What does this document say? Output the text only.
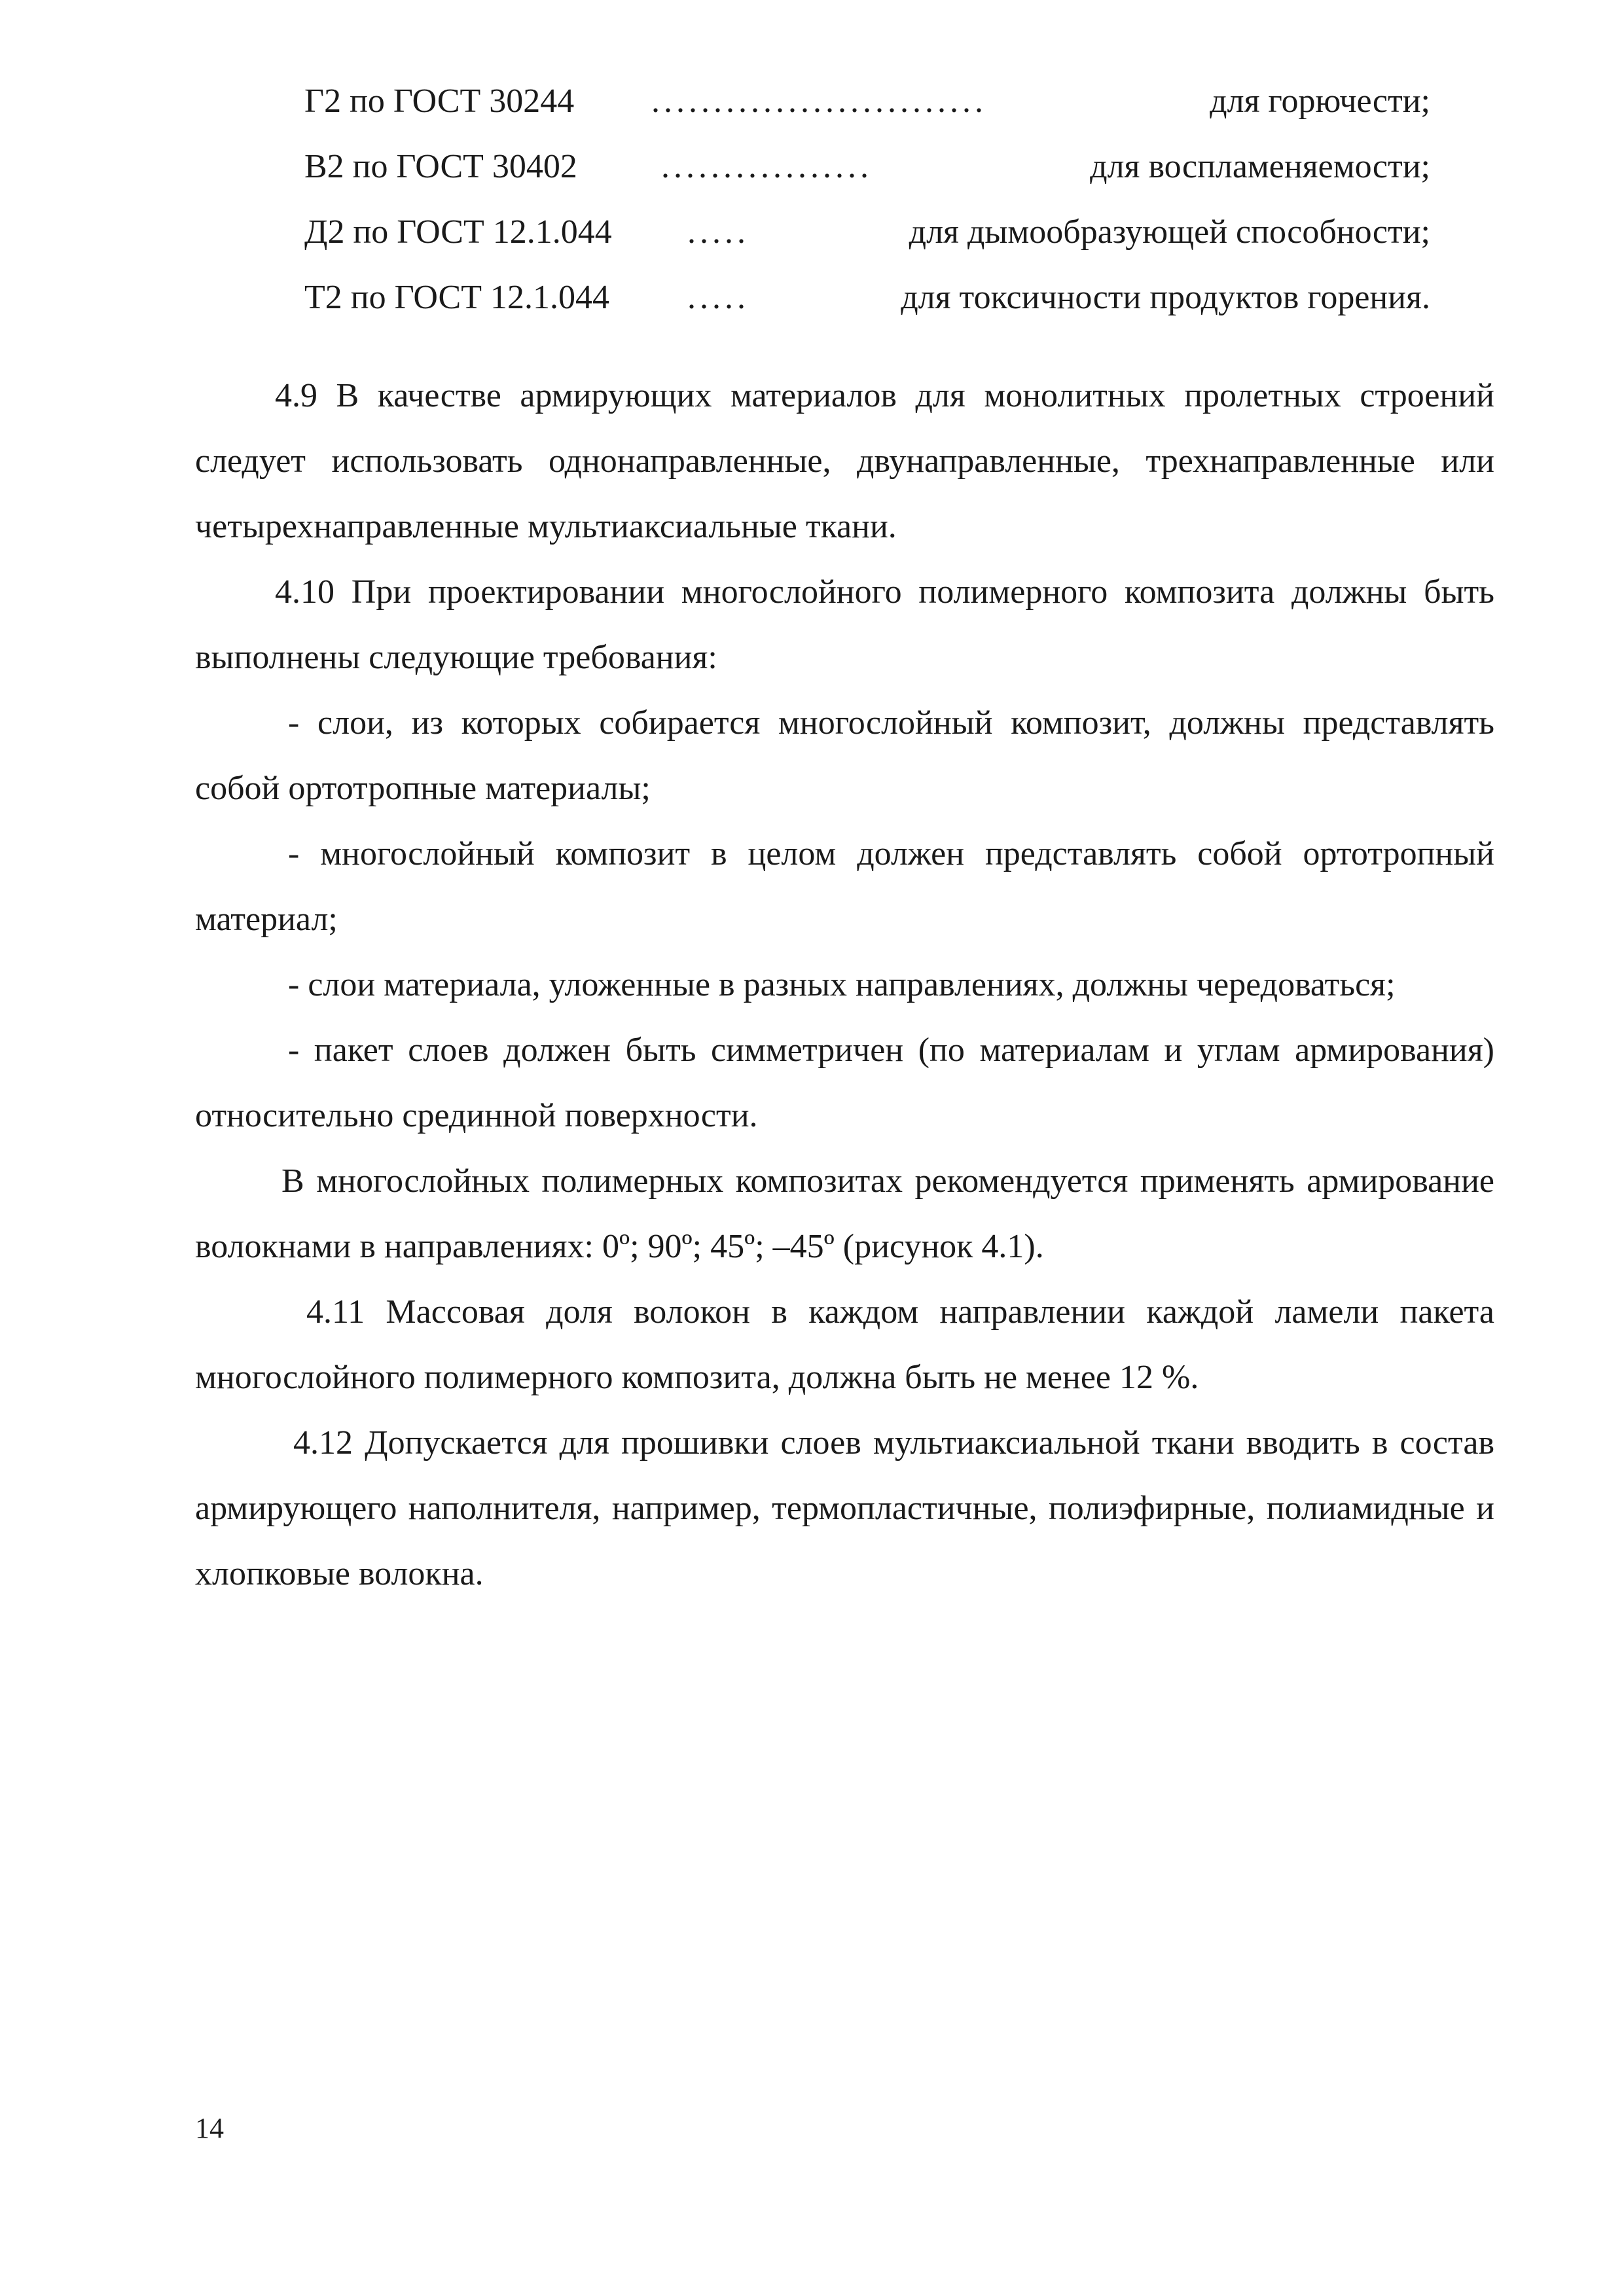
Г2 по ГОСТ 30244 ...........................	для горючести;
В2 по ГОСТ 30402 .................	для воспламеняемости;
Д2 по ГОСТ 12.1.044 .....	для дымообразующей способности;
Т2 по ГОСТ 12.1.044 .....	для токсичности продуктов горения.

4.9 В качестве армирующих материалов для монолитных пролетных строений следует использовать однонаправленные, двунаправленные, трехнаправленные или четырехнаправленные мультиаксиальные ткани.

4.10 При проектировании многослойного полимерного композита должны быть выполнены следующие требования:

- слои, из которых собирается многослойный композит, должны представлять собой ортотропные материалы;

- многослойный композит в целом должен представлять собой ортотропный материал;

- слои материала, уложенные в разных направлениях, должны чередоваться;

- пакет слоев должен быть симметричен (по материалам и углам армирования) относительно срединной поверхности.

В многослойных полимерных композитах рекомендуется применять армирование волокнами в направлениях: 0º; 90º; 45º; –45º (рисунок 4.1).

4.11 Массовая доля волокон в каждом направлении каждой ламели пакета многослойного полимерного композита, должна быть не менее 12 %.

4.12 Допускается для прошивки слоев мультиаксиальной ткани вводить в состав армирующего наполнителя, например, термопластичные, полиэфирные, полиамидные и хлопковые волокна.

14
